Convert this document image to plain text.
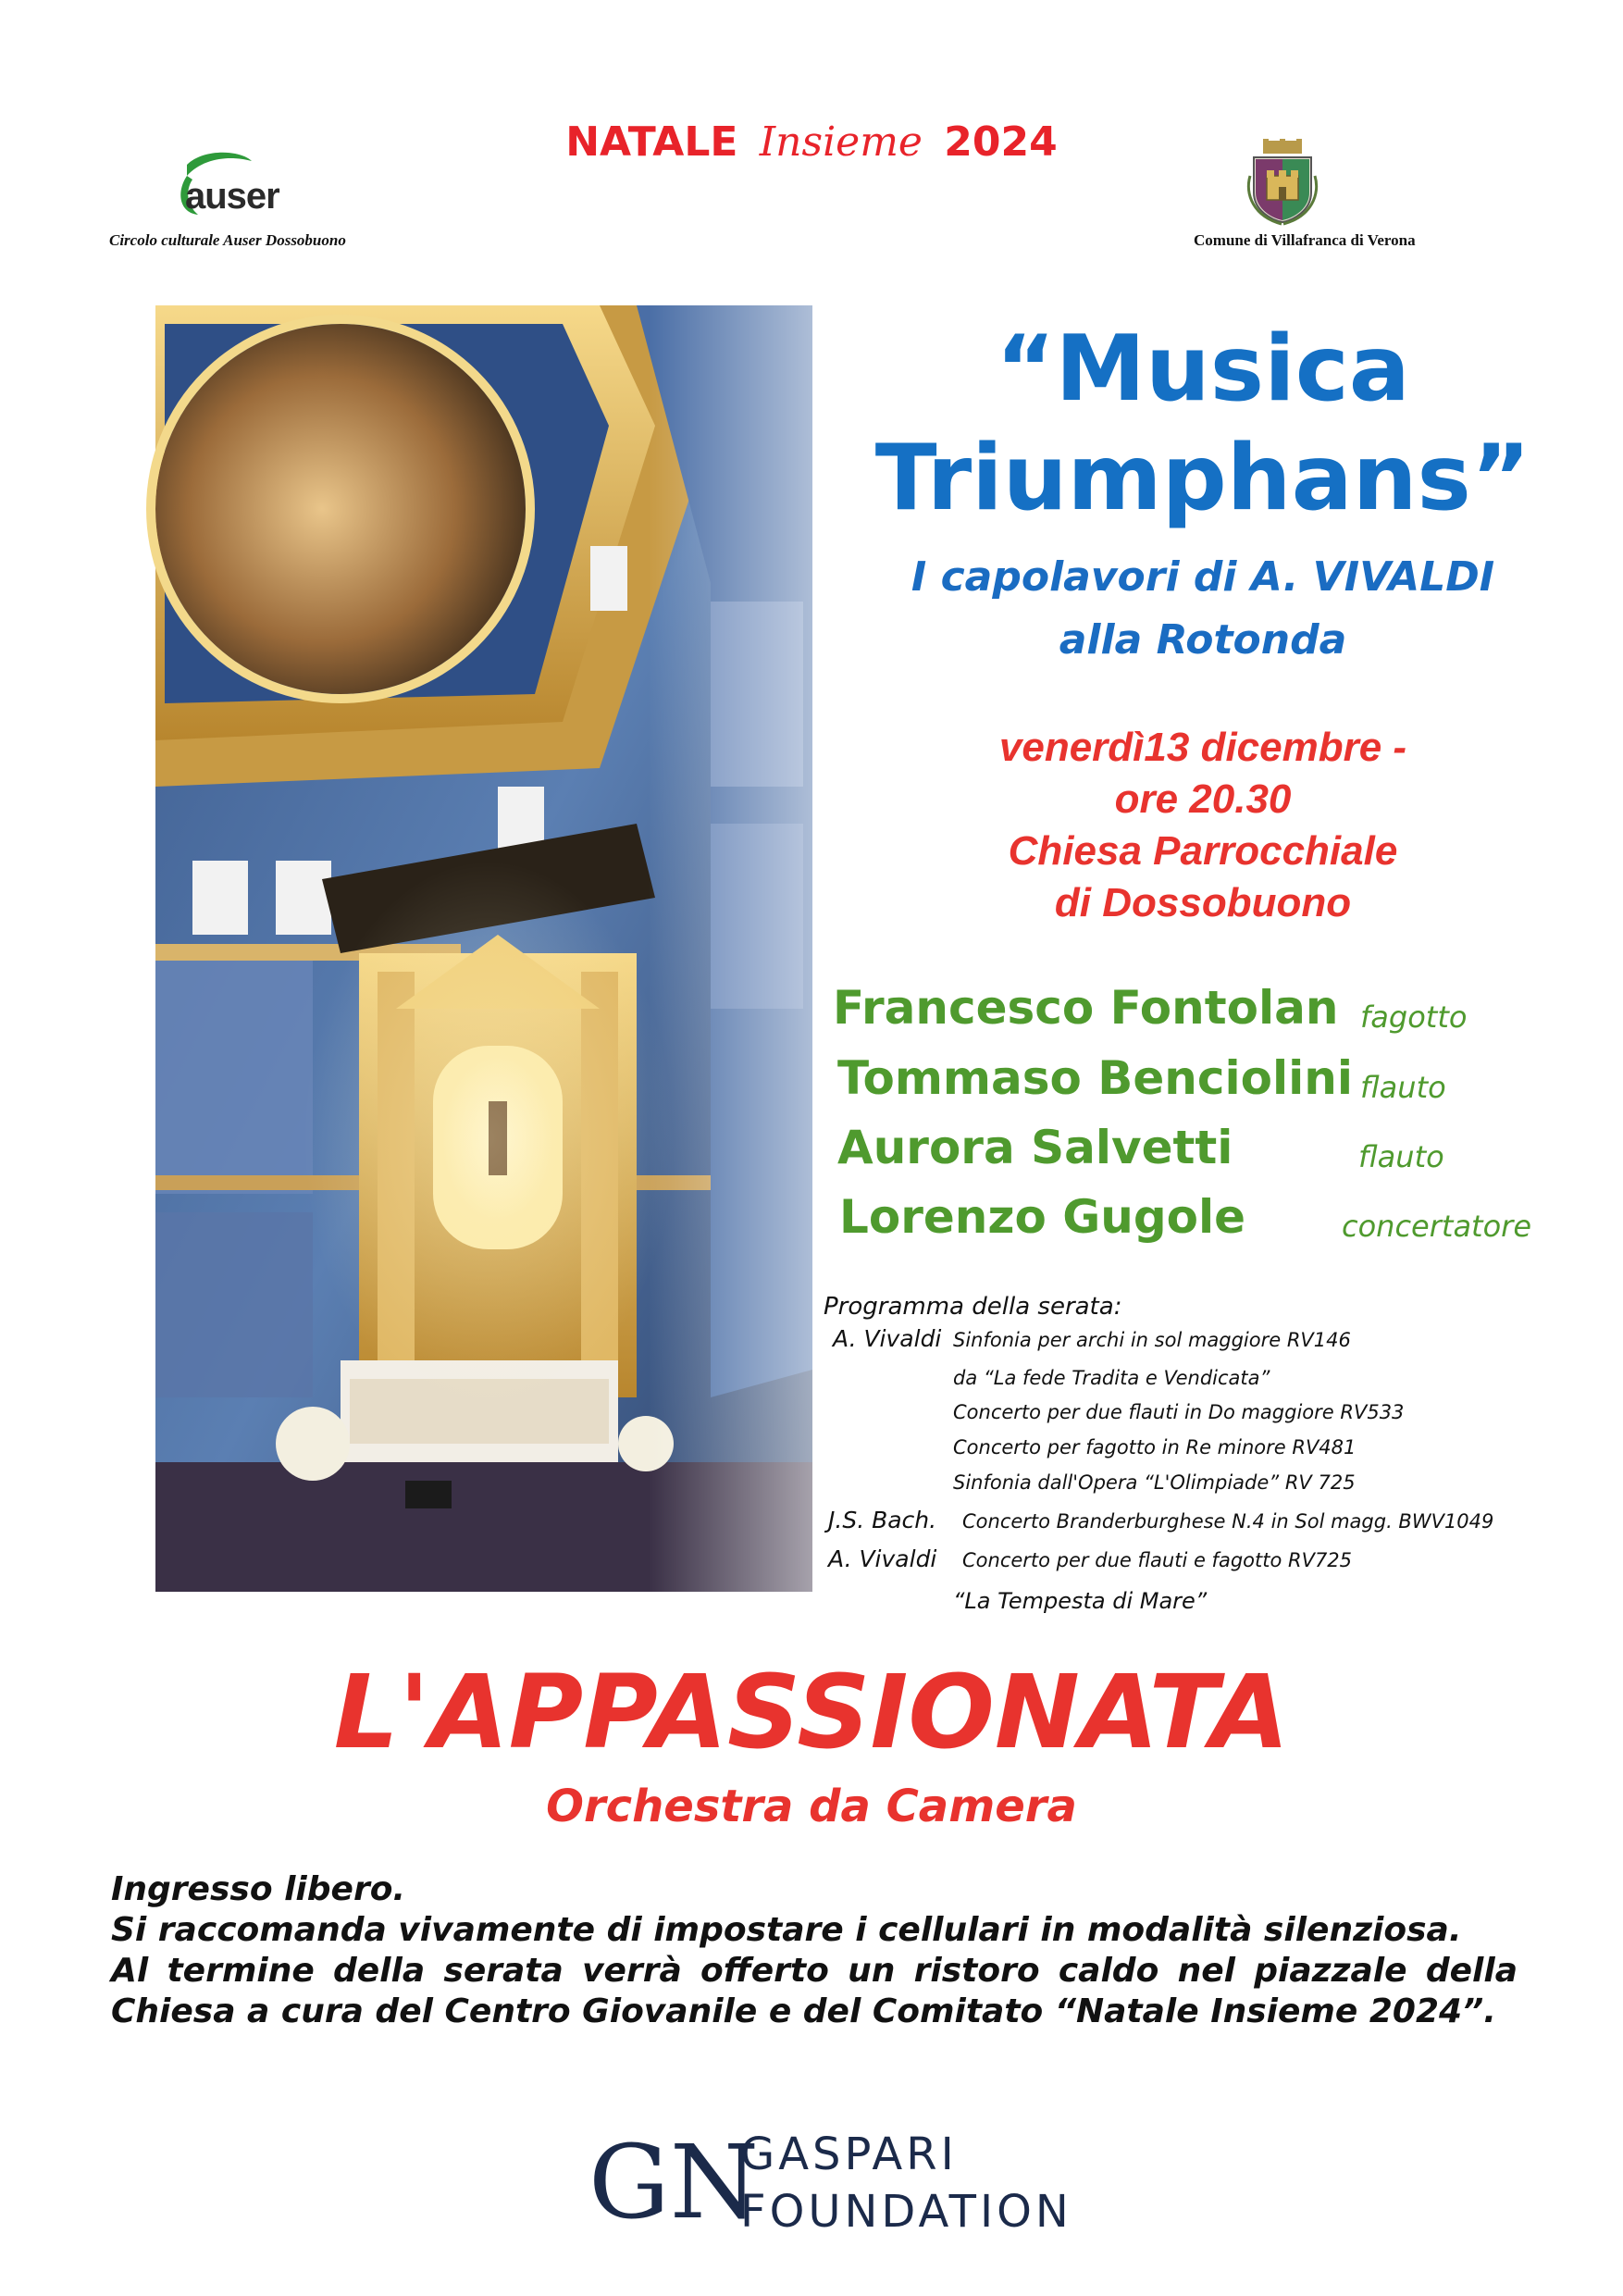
NATALE Insieme 2024
auser
Circolo culturale Auser Dossobuono	Comune di Villafranca di Verona
“Musica
Triumphans”
I capolavori di A. VIVALDI
alla Rotonda
venerdì13 dicembre -
ore 20.30
Chiesa Parrocchiale
di Dossobuono
Francesco Fontolan fagotto
Tommaso Benciolini flauto
Aurora Salvetti	flauto
Lorenzo Gugole	concertatore
Programma della serata:
A. Vivaldi Sinfonia per archi in sol maggiore RV146
da “La fede Tradita e Vendicata”
Concerto per due flauti in Do maggiore RV533
Concerto per fagotto in Re minore RV481
Sinfonia dall'Opera “L'Olimpiade” RV 725
J.S. Bach. Concerto Branderburghese N.4 in Sol magg. BWV1049
A. Vivaldi Concerto per due flauti e fagotto RV725
“La Tempesta di Mare”
L'APPASSIONATA
Orchestra da Camera
Ingresso libero.
Si raccomanda vivamente di impostare i cellulari in modalità silenziosa.
Al termine della serata verrà offerto un ristoro caldo nel piazzale della
Chiesa a cura del Centro Giovanile e del Comitato “Natale Insieme 2024”.
GN
GASPARI
FOUNDATION
